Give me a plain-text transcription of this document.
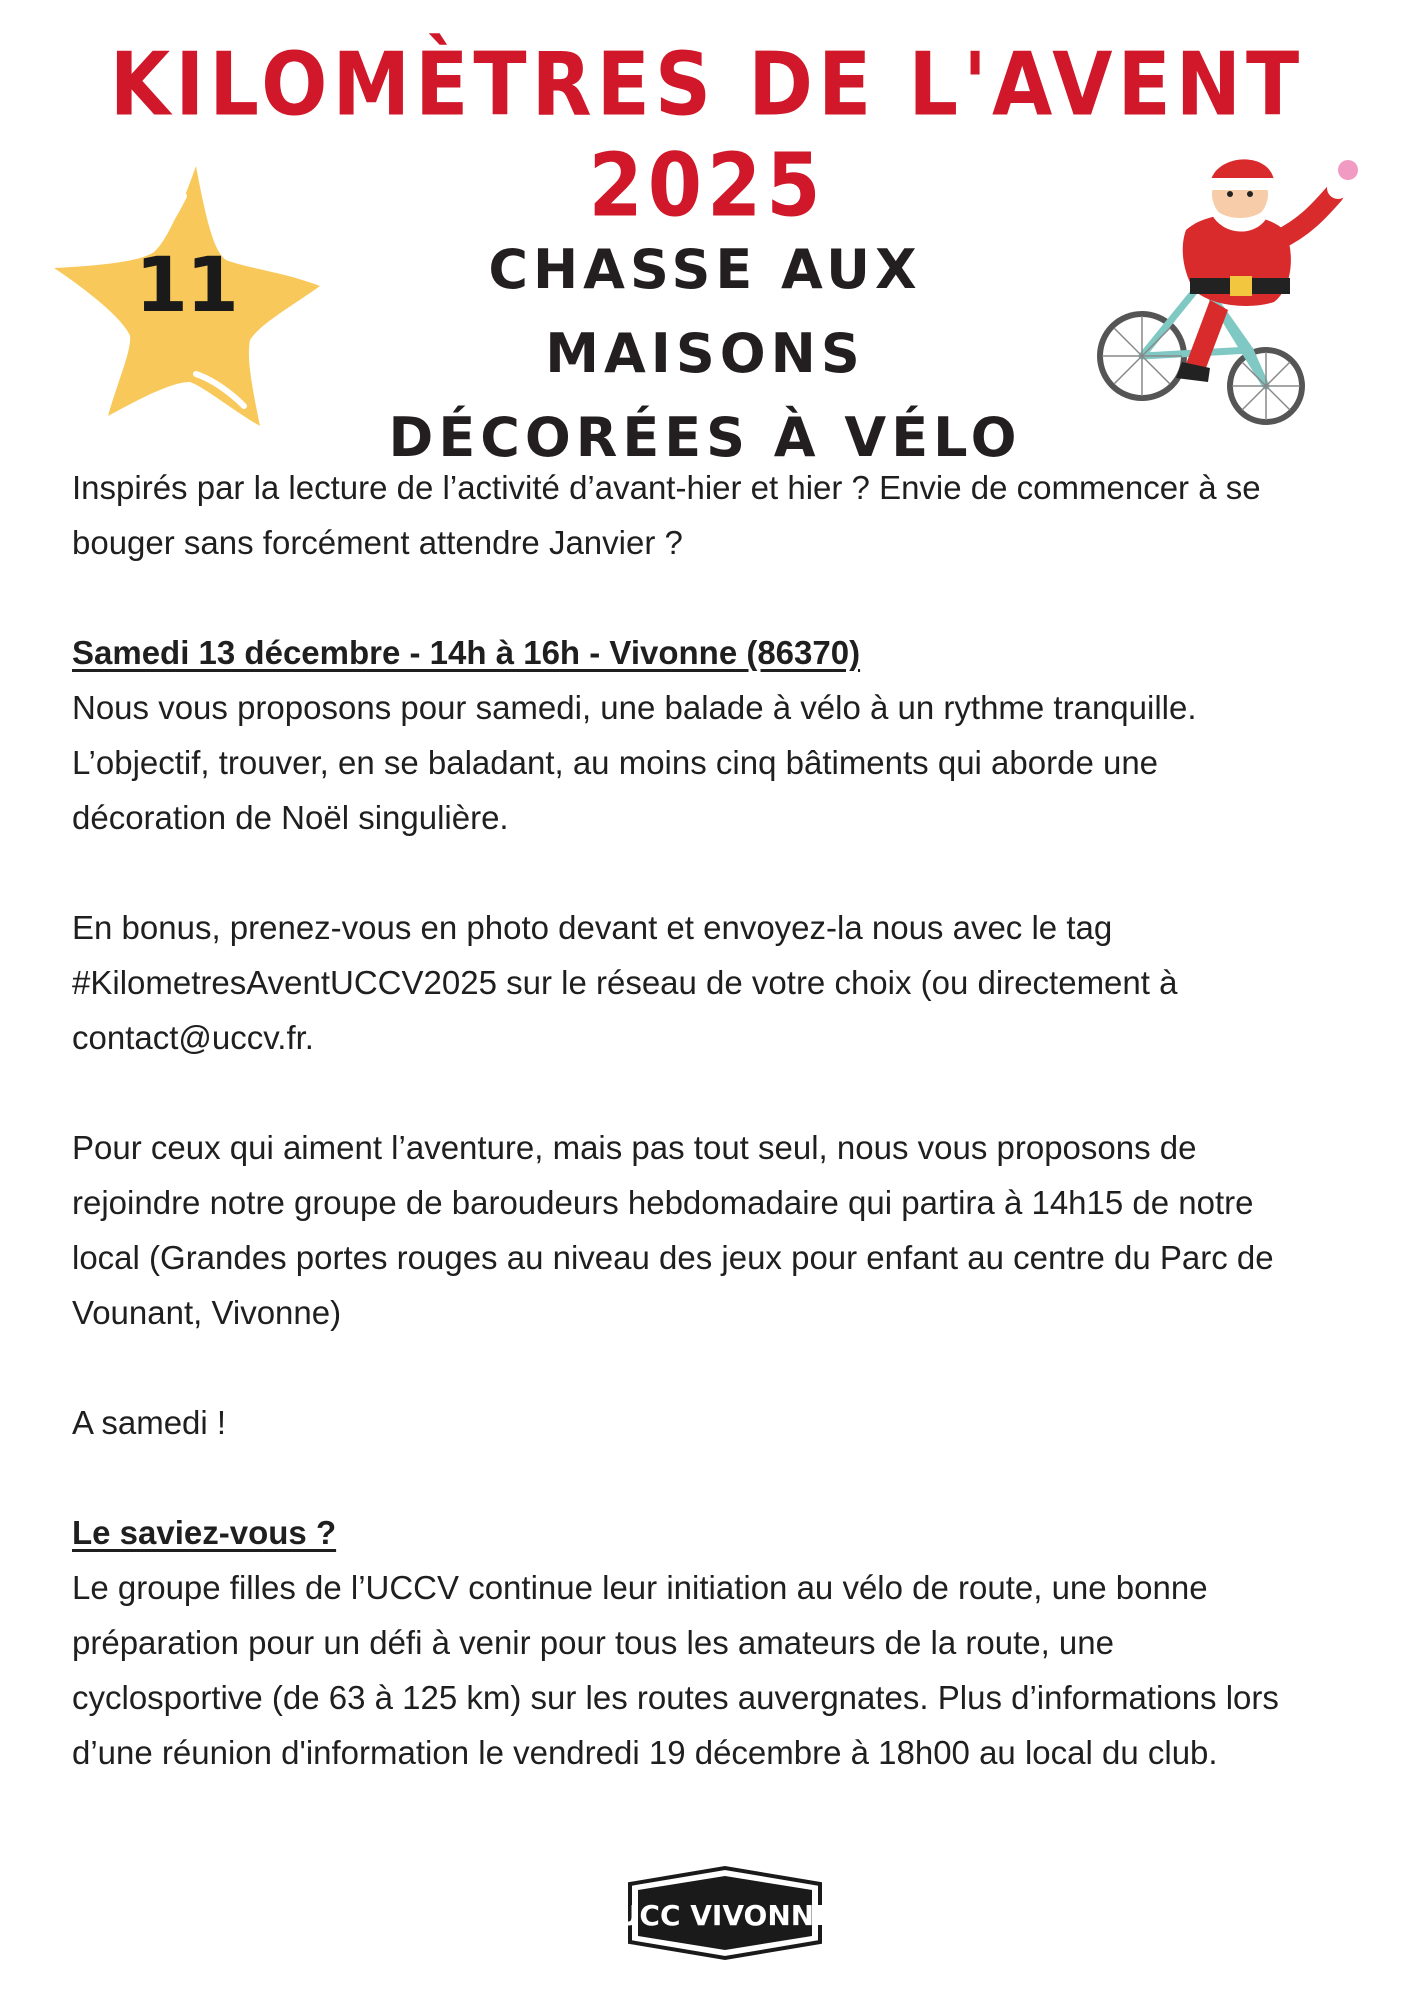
KILOMÈTRES DE L'AVENT 2025
11	CHASSE AUX MAISONS
DÉCORÉES À VÉLO

Inspirés par la lecture de l’activité d’avant-hier et hier ? Envie de commencer à se
bouger sans forcément attendre Janvier ?

Samedi 13 décembre - 14h à 16h - Vivonne (86370)
Nous vous proposons pour samedi, une balade à vélo à un rythme tranquille.
L’objectif, trouver, en se baladant, au moins cinq bâtiments qui aborde une
décoration de Noël singulière.

En bonus, prenez-vous en photo devant et envoyez-la nous avec le tag
#KilometresAventUCCV2025 sur le réseau de votre choix (ou directement à
contact@uccv.fr.

Pour ceux qui aiment l’aventure, mais pas tout seul, nous vous proposons de
rejoindre notre groupe de baroudeurs hebdomadaire qui partira à 14h15 de notre
local (Grandes portes rouges au niveau des jeux pour enfant au centre du Parc de
Vounant, Vivonne)

A samedi !

Le saviez-vous ?
Le groupe filles de l’UCCV continue leur initiation au vélo de route, une bonne
préparation pour un défi à venir pour tous les amateurs de la route, une
cyclosportive (de 63 à 125 km) sur les routes auvergnates. Plus d’informations lors
d’une réunion d'information le vendredi 19 décembre à 18h00 au local du club.

UCC VIVONNE
